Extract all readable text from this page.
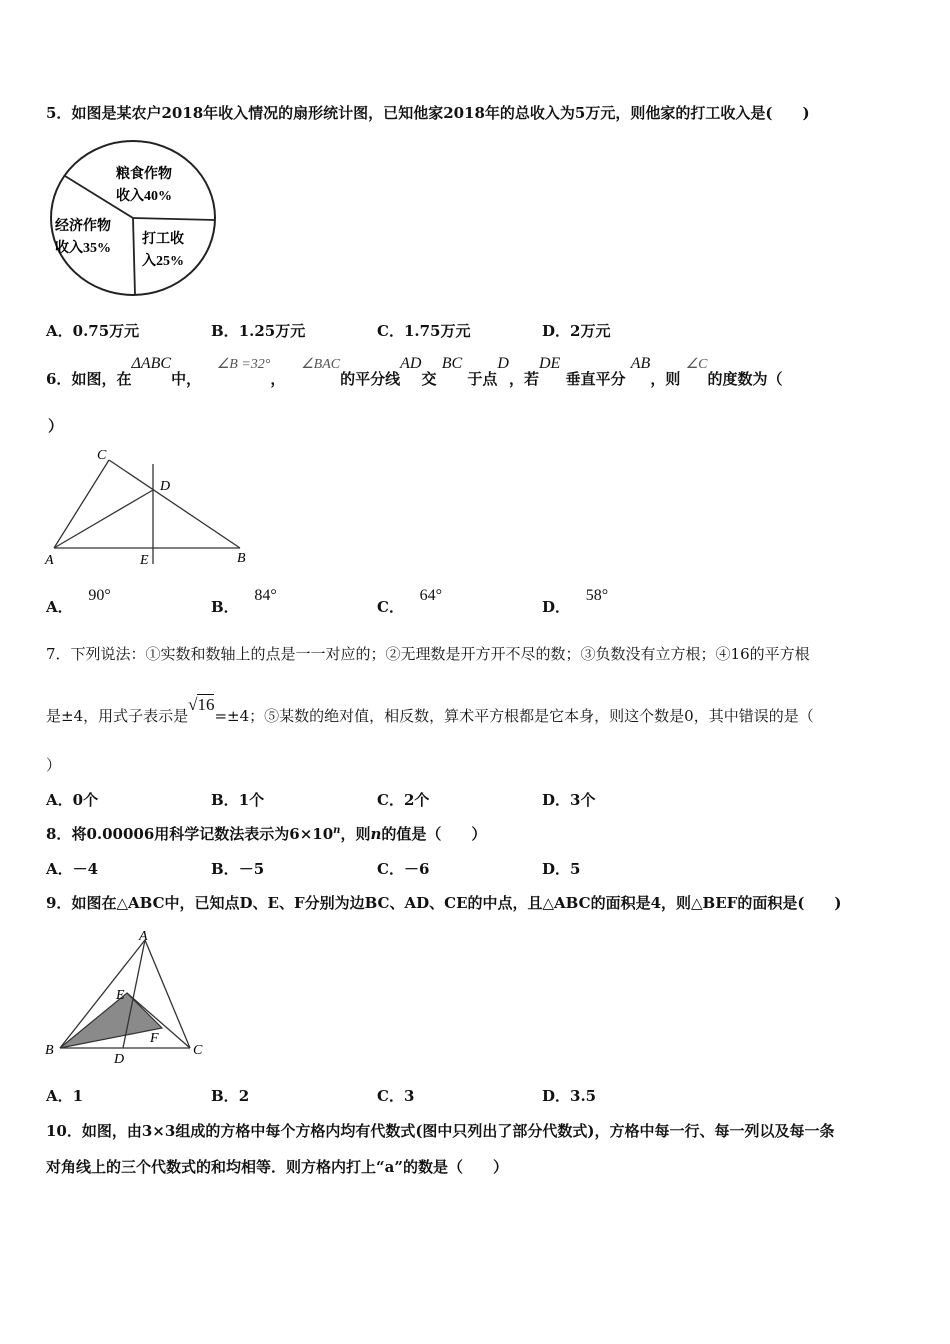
5．如图是某农户2018年收入情况的扇形统计图，已知他家2018年的总收入为5万元，则他家的打工收入是(　　)
粮食作物
收入40%
经济作物
收入35%
打工收
入25%
A．0.75万元	B．1.25万元	C．1.75万元	D．2万元
6．如图，在ΔABC中，   ∠B =32°，   ∠BAC的平分线AD交 BC 于点D，若DE 垂直平分 AB，则 ∠C的度数为（
）
C
D
A	E	B
A．   90°
B．   84°
C．   64°
D．   58°
7．下列说法：①实数和数轴上的点是一一对应的；②无理数是开方开不尽的数；③负数没有立方根；④16的平方根
是±4，用式子表示是√16=±4；⑤某数的绝对值，相反数，算术平方根都是它本身，则这个数是0，其中错误的是（
）
A．0个	B．1个	C．2个	D．3个
8．将0.00006用科学记数法表示为$6\times 10^n$，则n的值是（　　）
A．－4	B．－5	C．－6	D．5
9．如图在△ABC中，已知点D、E、F分别为边BC、AD、CE的中点，且△ABC的面积是4，则△BEF的面积是(　　)
A
E
F
B
D
C
A．1	B．2	C．3	D．3.5
10．如图，由3×3组成的方格中每个方格内均有代数式(图中只列出了部分代数式)，方格中每一行、每一列以及每一条
对角线上的三个代数式的和均相等．则方格内打上“a”的数是（　　）
